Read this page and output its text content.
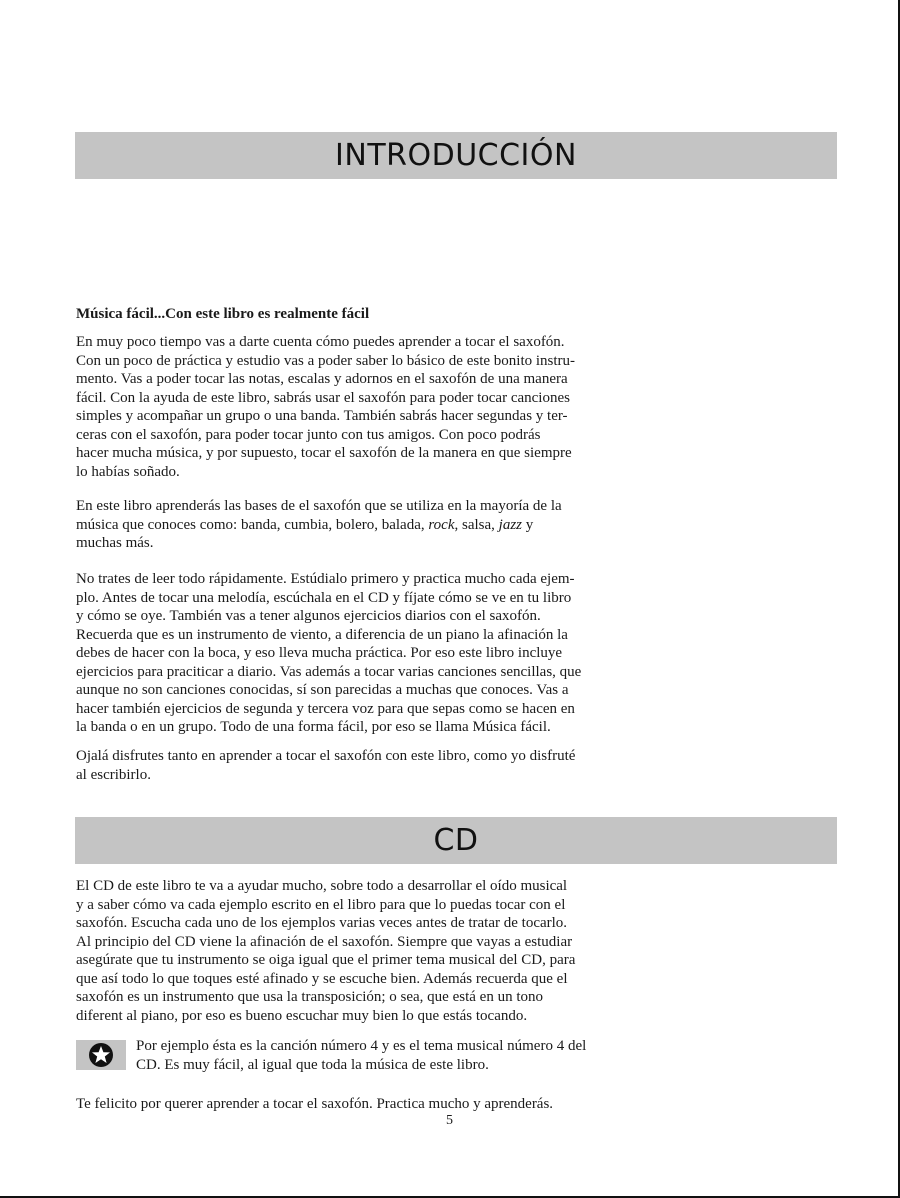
INTRODUCCIÓN

Música fácil...Con este libro es realmente fácil

En muy poco tiempo vas a darte cuenta cómo puedes aprender a tocar el saxofón.
Con un poco de práctica y estudio vas a poder saber lo básico de este bonito instru-
mento. Vas a poder tocar las notas, escalas y adornos en el saxofón de una manera
fácil. Con la ayuda de este libro, sabrás usar el saxofón para poder tocar canciones
simples y acompañar un grupo o una banda. También sabrás hacer segundas y ter-
ceras con el saxofón, para poder tocar junto con tus amigos. Con poco podrás
hacer mucha música, y por supuesto, tocar el saxofón de la manera en que siempre
lo habías soñado.

En este libro aprenderás las bases de el saxofón que se utiliza en la mayoría de la
música que conoces como: banda, cumbia, bolero, balada, rock, salsa, jazz y
muchas más.

No trates de leer todo rápidamente. Estúdialo primero y practica mucho cada ejem-
plo. Antes de tocar una melodía, escúchala en el CD y fíjate cómo se ve en tu libro
y cómo se oye. También vas a tener algunos ejercicios diarios con el saxofón.
Recuerda que es un instrumento de viento, a diferencia de un piano la afinación la
debes de hacer con la boca, y eso lleva mucha práctica. Por eso este libro incluye
ejercicios para praciticar a diario. Vas además a tocar varias canciones sencillas, que
aunque no son canciones conocidas, sí son parecidas a muchas que conoces. Vas a
hacer también ejercicios de segunda y tercera voz para que sepas como se hacen en
la banda o en un grupo. Todo de una forma fácil, por eso se llama Música fácil.

Ojalá disfrutes tanto en aprender a tocar el saxofón con este libro, como yo disfruté
al escribirlo.

CD

El CD de este libro te va a ayudar mucho, sobre todo a desarrollar el oído musical
y a saber cómo va cada ejemplo escrito en el libro para que lo puedas tocar con el
saxofón. Escucha cada uno de los ejemplos varias veces antes de tratar de tocarlo.
Al principio del CD viene la afinación de el saxofón. Siempre que vayas a estudiar
asegúrate que tu instrumento se oiga igual que el primer tema musical del CD, para
que así todo lo que toques esté afinado y se escuche bien. Además recuerda que el
saxofón es un instrumento que usa la transposición; o sea, que está en un tono
diferent al piano, por eso es bueno escuchar muy bien lo que estás tocando.

Por ejemplo ésta es la canción número 4 y es el tema musical número 4 del
CD. Es muy fácil, al igual que toda la música de este libro.

Te felicito por querer aprender a tocar el saxofón. Practica mucho y aprenderás.

5
